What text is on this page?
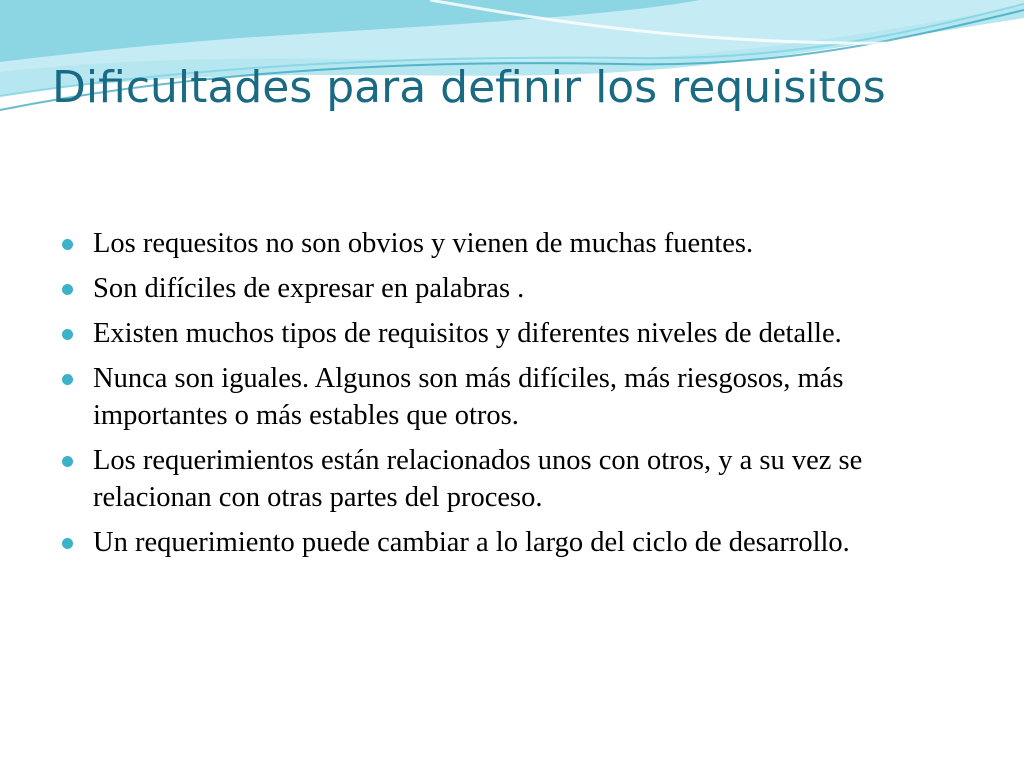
Dificultades para definir los requisitos
Los requesitos no son obvios y vienen de muchas fuentes.
Son difíciles de expresar en palabras .
Existen muchos tipos de requisitos y diferentes niveles de detalle.
Nunca son iguales. Algunos son más difíciles, más riesgosos, más importantes o más estables que otros.
Los requerimientos están relacionados unos con otros, y a su vez se relacionan con otras partes del proceso.
Un requerimiento puede cambiar a lo largo del ciclo de desarrollo.
